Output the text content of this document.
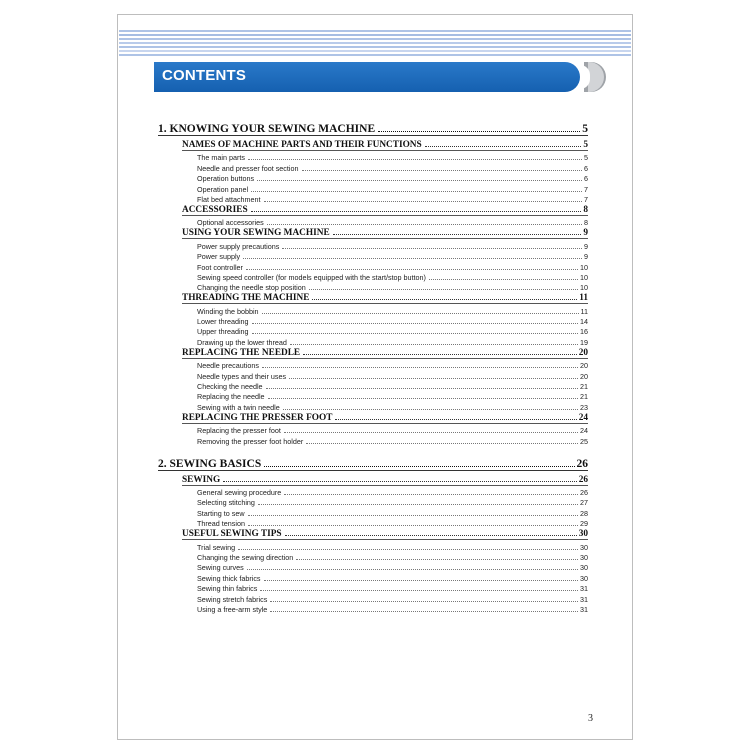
CONTENTS
1. KNOWING YOUR SEWING MACHINE	5
NAMES OF MACHINE PARTS AND THEIR FUNCTIONS	5
The main parts	5
Needle and presser foot section	6
Operation buttons	6
Operation panel	7
Flat bed attachment	7
ACCESSORIES	8
Optional accessories	8
USING YOUR SEWING MACHINE	9
Power supply precautions	9
Power supply	9
Foot controller	10
Sewing speed controller (for models equipped with the start/stop button)	10
Changing the needle stop position	10
THREADING THE MACHINE	11
Winding the bobbin	11
Lower threading	14
Upper threading	16
Drawing up the lower thread	19
REPLACING THE NEEDLE	20
Needle precautions	20
Needle types and their uses	20
Checking the needle	21
Replacing the needle	21
Sewing with a twin needle	23
REPLACING THE PRESSER FOOT	24
Replacing the presser foot	24
Removing the presser foot holder	25
2. SEWING BASICS	26
SEWING	26
General sewing procedure	26
Selecting stitching	27
Starting to sew	28
Thread tension	29
USEFUL SEWING TIPS	30
Trial sewing	30
Changing the sewing direction	30
Sewing curves	30
Sewing thick fabrics	30
Sewing thin fabrics	31
Sewing stretch fabrics	31
Using a free-arm style	31
3
